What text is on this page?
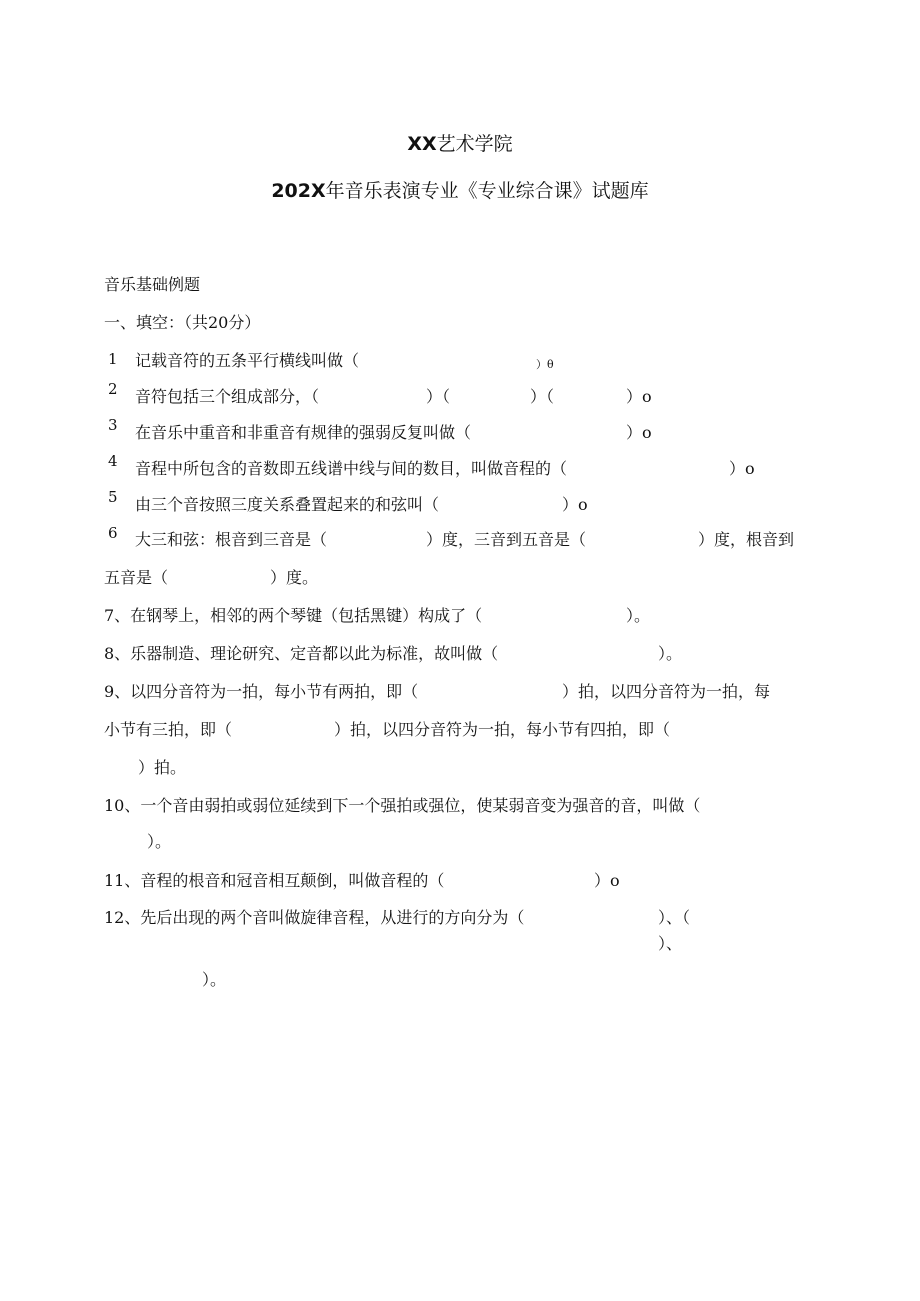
XX艺术学院
202X年音乐表演专业《专业综合课》试题库
音乐基础例题
一、填空：（共20分）
1 记载音符的五条平行横线叫做（	）θ
2 音符包括三个组成部分，（	）（	）（	）o
3 在音乐中重音和非重音有规律的强弱反复叫做（	）o
4 音程中所包含的音数即五线谱中线与间的数目，叫做音程的（	）o
5 由三个音按照三度关系叠置起来的和弦叫（	）o
6 大三和弦：根音到三音是（	）度，三音到五音是（	）度，根音到
五音是（	）度。
7、在钢琴上，相邻的两个琴键（包括黑键）构成了（	）。
8、乐器制造、理论研究、定音都以此为标准，故叫做（	）。
9、以四分音符为一拍，每小节有两拍，即（	）拍，以四分音符为一拍，每
小节有三拍，即（	）拍，以四分音符为一拍，每小节有四拍，即（
）拍。
10、一个音由弱拍或弱位延续到下一个强拍或强位，使某弱音变为强音的音，叫做（
）。
11、音程的根音和冠音相互颠倒，叫做音程的（	）o
12、先后出现的两个音叫做旋律音程，从进行的方向分为（	）、（
）、
）。
